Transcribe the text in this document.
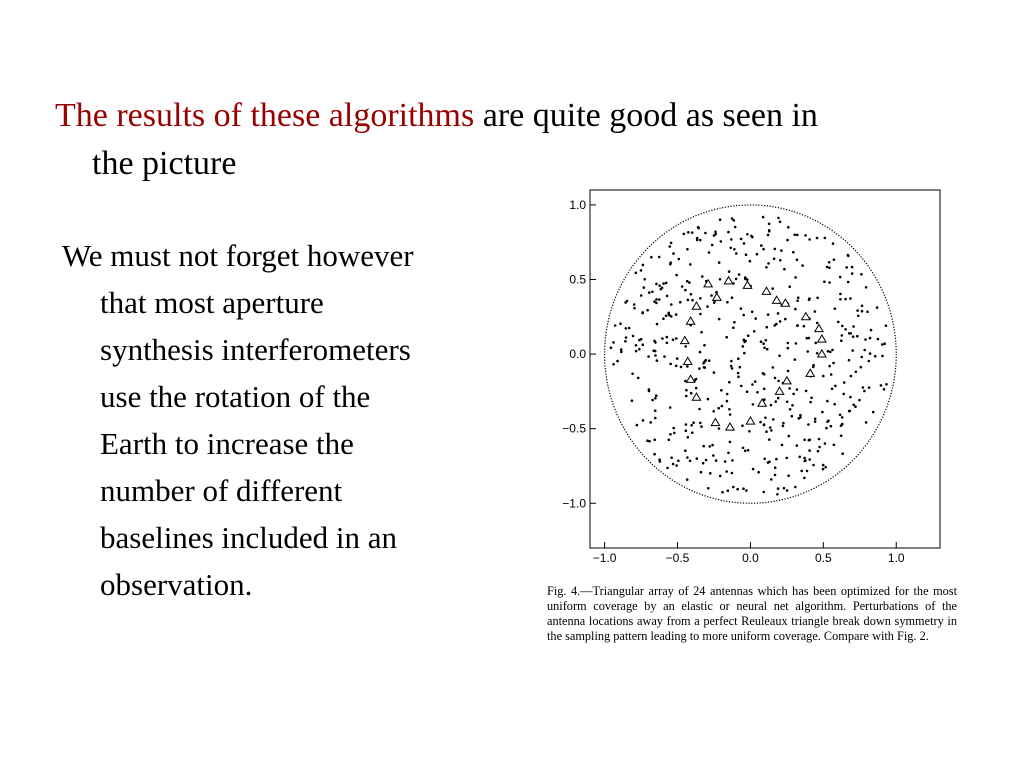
The results of these algorithms are quite good as seen in
the picture
We must not forget however
that most aperture
synthesis interferometers
use the rotation of the
Earth to increase the
number of different
baselines included in an
observation.
1.0
0.5
0.0
−0.5
−1.0
−1.0	−0.5	0.0	0.5	1.0
Fig. 4.—Triangular array of 24 antennas which has been optimized for the most uniform coverage by an elastic or neural net algorithm. Perturbations of the antenna locations away from a perfect Reuleaux triangle break down symmetry in the sampling pattern leading to more uniform coverage. Compare with Fig. 2.
